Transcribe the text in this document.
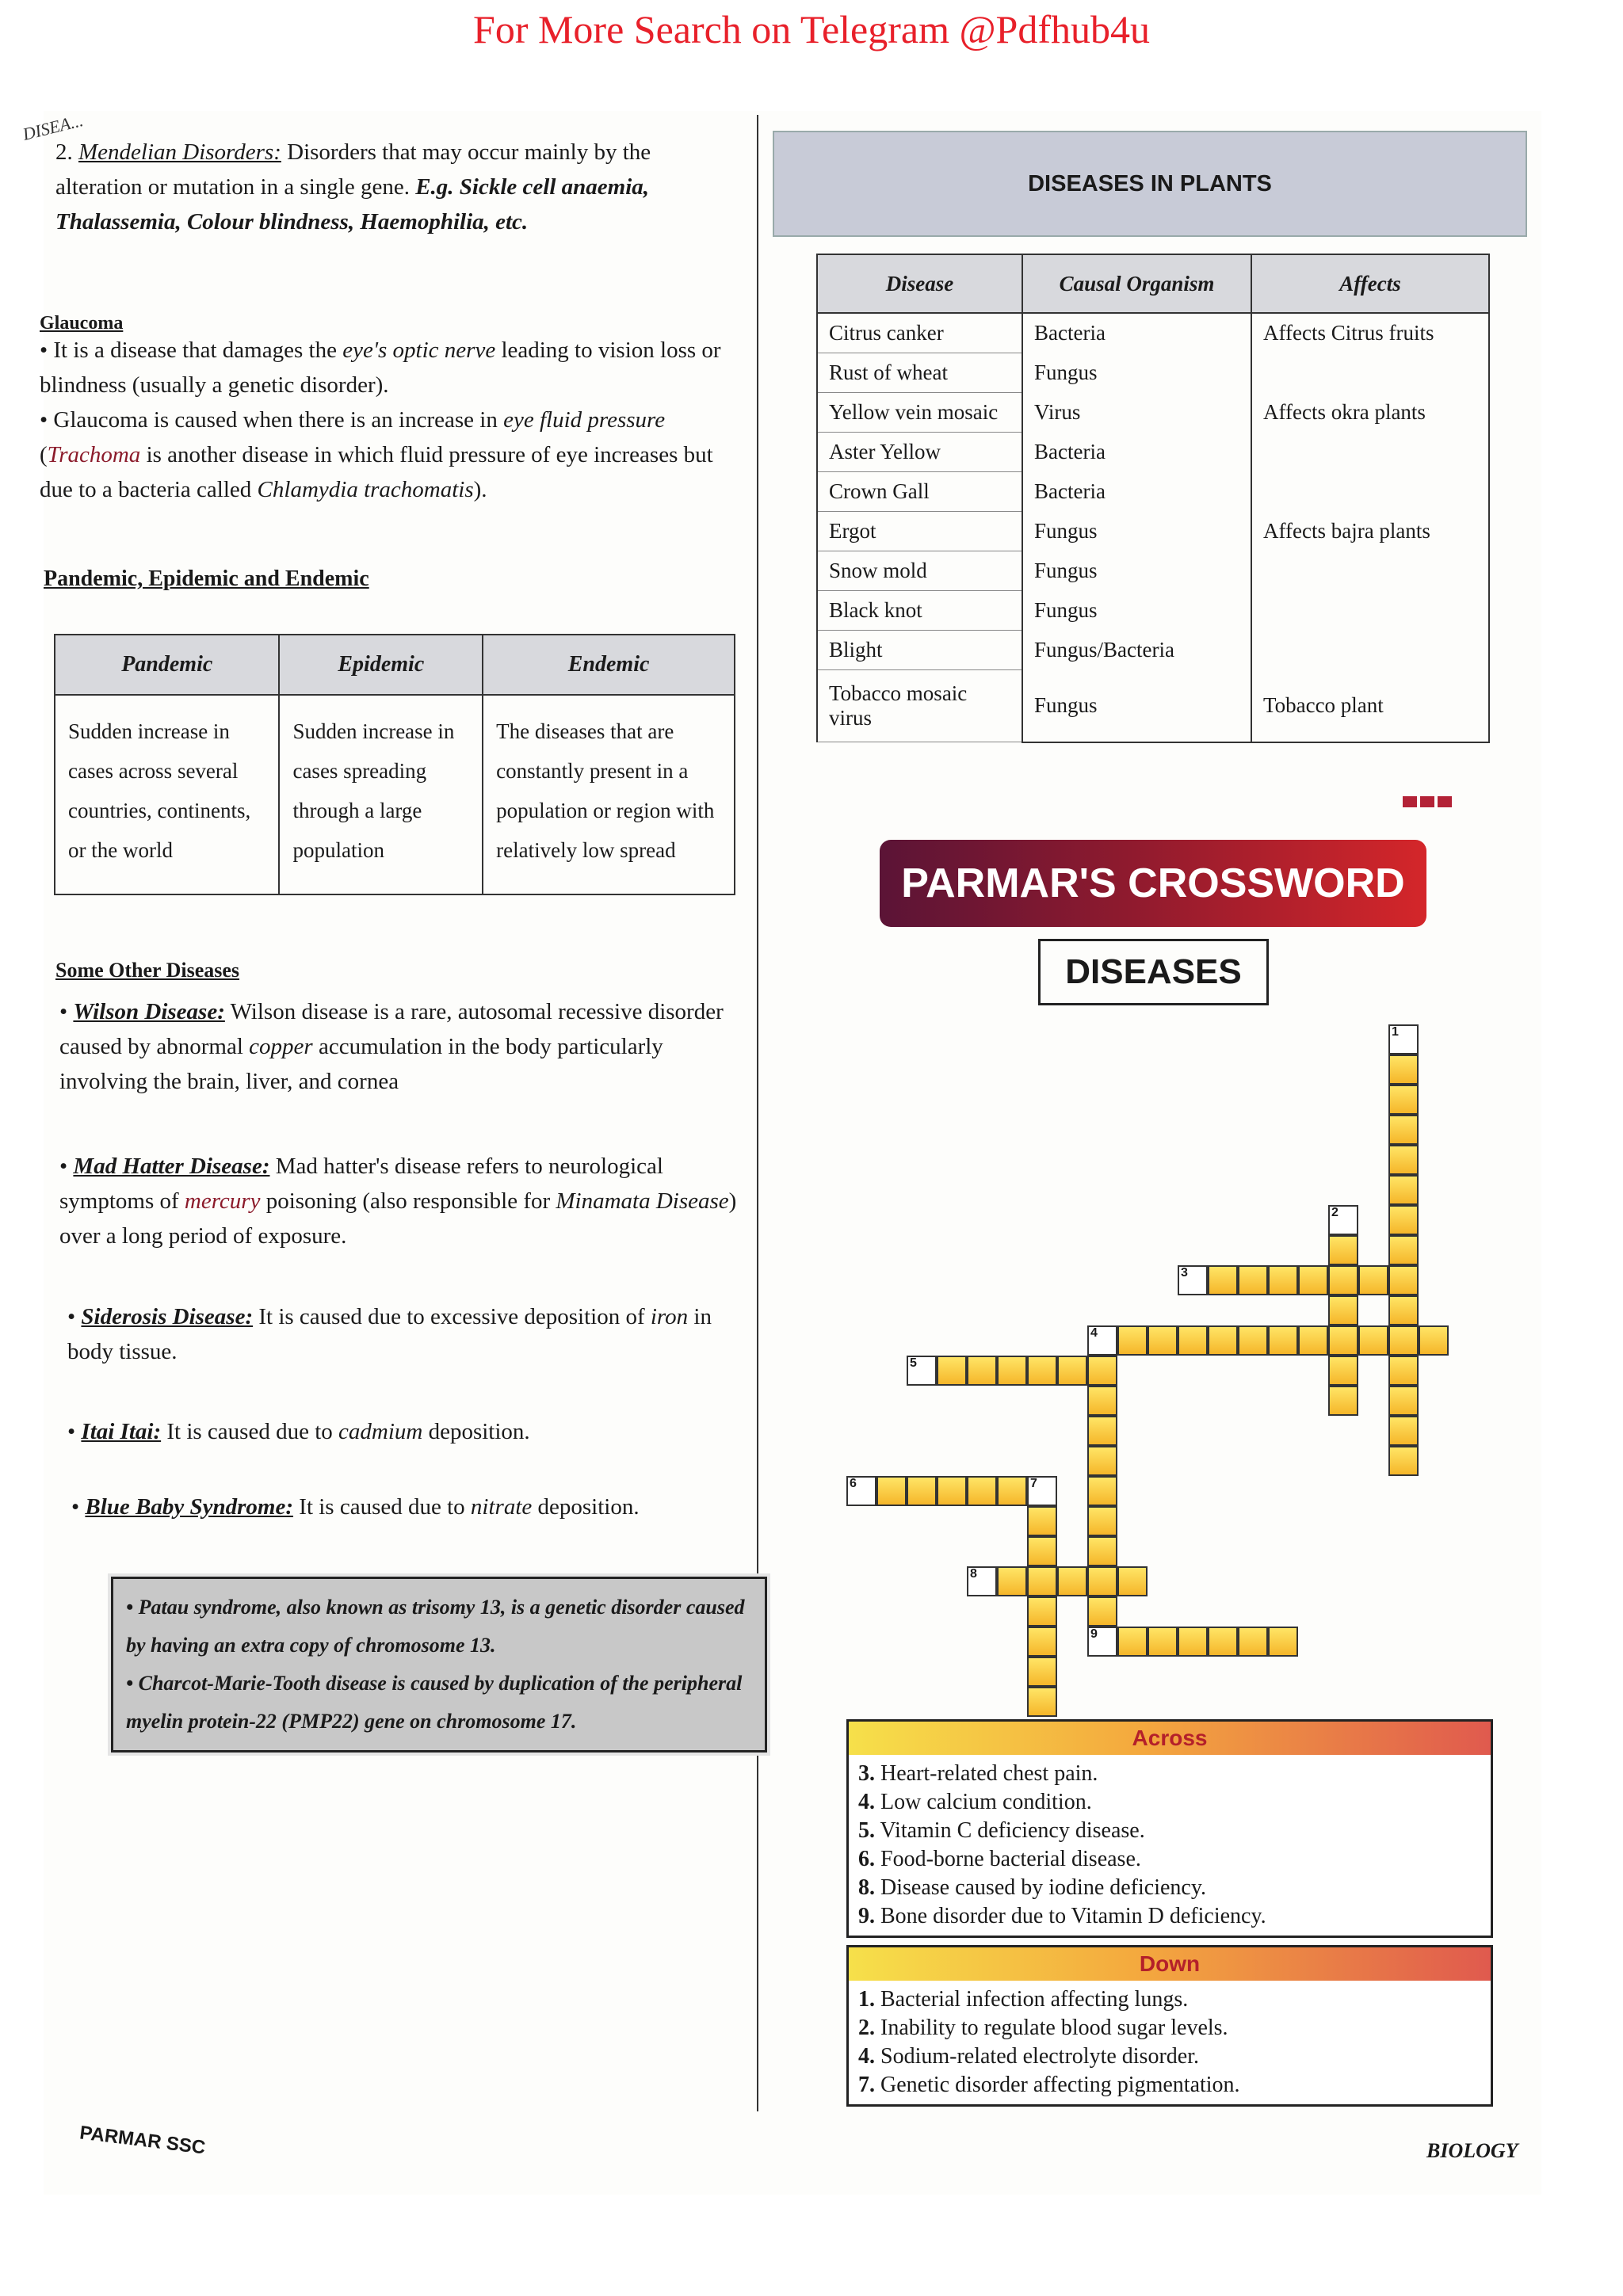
For More Search on Telegram @Pdfhub4u
DISEA...
2. Mendelian Disorders: Disorders that may occur mainly by the alteration or mutation in a single gene. E.g. Sickle cell anaemia, Thalassemia, Colour blindness, Haemophilia, etc.
Glaucoma
• It is a disease that damages the eye's optic nerve leading to vision loss or blindness (usually a genetic disorder).
• Glaucoma is caused when there is an increase in eye fluid pressure
(Trachoma is another disease in which fluid pressure of eye increases but due to a bacteria called Chlamydia trachomatis).
Pandemic, Epidemic and Endemic
Pandemic	Epidemic	Endemic
Sudden increase in cases across several countries, continents, or the world	Sudden increase in cases spreading through a large population	The diseases that are constantly present in a population or region with relatively low spread
Some Other Diseases
• Wilson Disease: Wilson disease is a rare, autosomal recessive disorder caused by abnormal copper accumulation in the body particularly involving the brain, liver, and cornea
• Mad Hatter Disease: Mad hatter's disease refers to neurological symptoms of mercury poisoning (also responsible for Minamata Disease) over a long period of exposure.
• Siderosis Disease: It is caused due to excessive deposition of iron in body tissue.
• Itai Itai: It is caused due to cadmium deposition.
• Blue Baby Syndrome: It is caused due to nitrate deposition.
• Patau syndrome, also known as trisomy 13, is a genetic disorder caused by having an extra copy of chromosome 13.
• Charcot-Marie-Tooth disease is caused by duplication of the peripheral myelin protein-22 (PMP22) gene on chromosome 17.
DISEASES IN PLANTS
Disease	Causal Organism	Affects
Citrus canker	Bacteria	Affects Citrus fruits
Rust of wheat	Fungus	
Yellow vein mosaic	Virus	Affects okra plants
Aster Yellow	Bacteria	
Crown Gall	Bacteria	
Ergot	Fungus	Affects bajra plants
Snow mold	Fungus	
Black knot	Fungus	
Blight	Fungus/Bacteria	
Tobacco mosaic virus	Fungus	Tobacco plant
PARMAR'S CROSSWORD
DISEASES
1
2
3
4
5
6	7
8
9
Across
3. Heart-related chest pain.
4. Low calcium condition.
5. Vitamin C deficiency disease.
6. Food-borne bacterial disease.
8. Disease caused by iodine deficiency.
9. Bone disorder due to Vitamin D deficiency.
Down
1. Bacterial infection affecting lungs.
2. Inability to regulate blood sugar levels.
4. Sodium-related electrolyte disorder.
7. Genetic disorder affecting pigmentation.
PARMAR SSC	BIOLOGY
